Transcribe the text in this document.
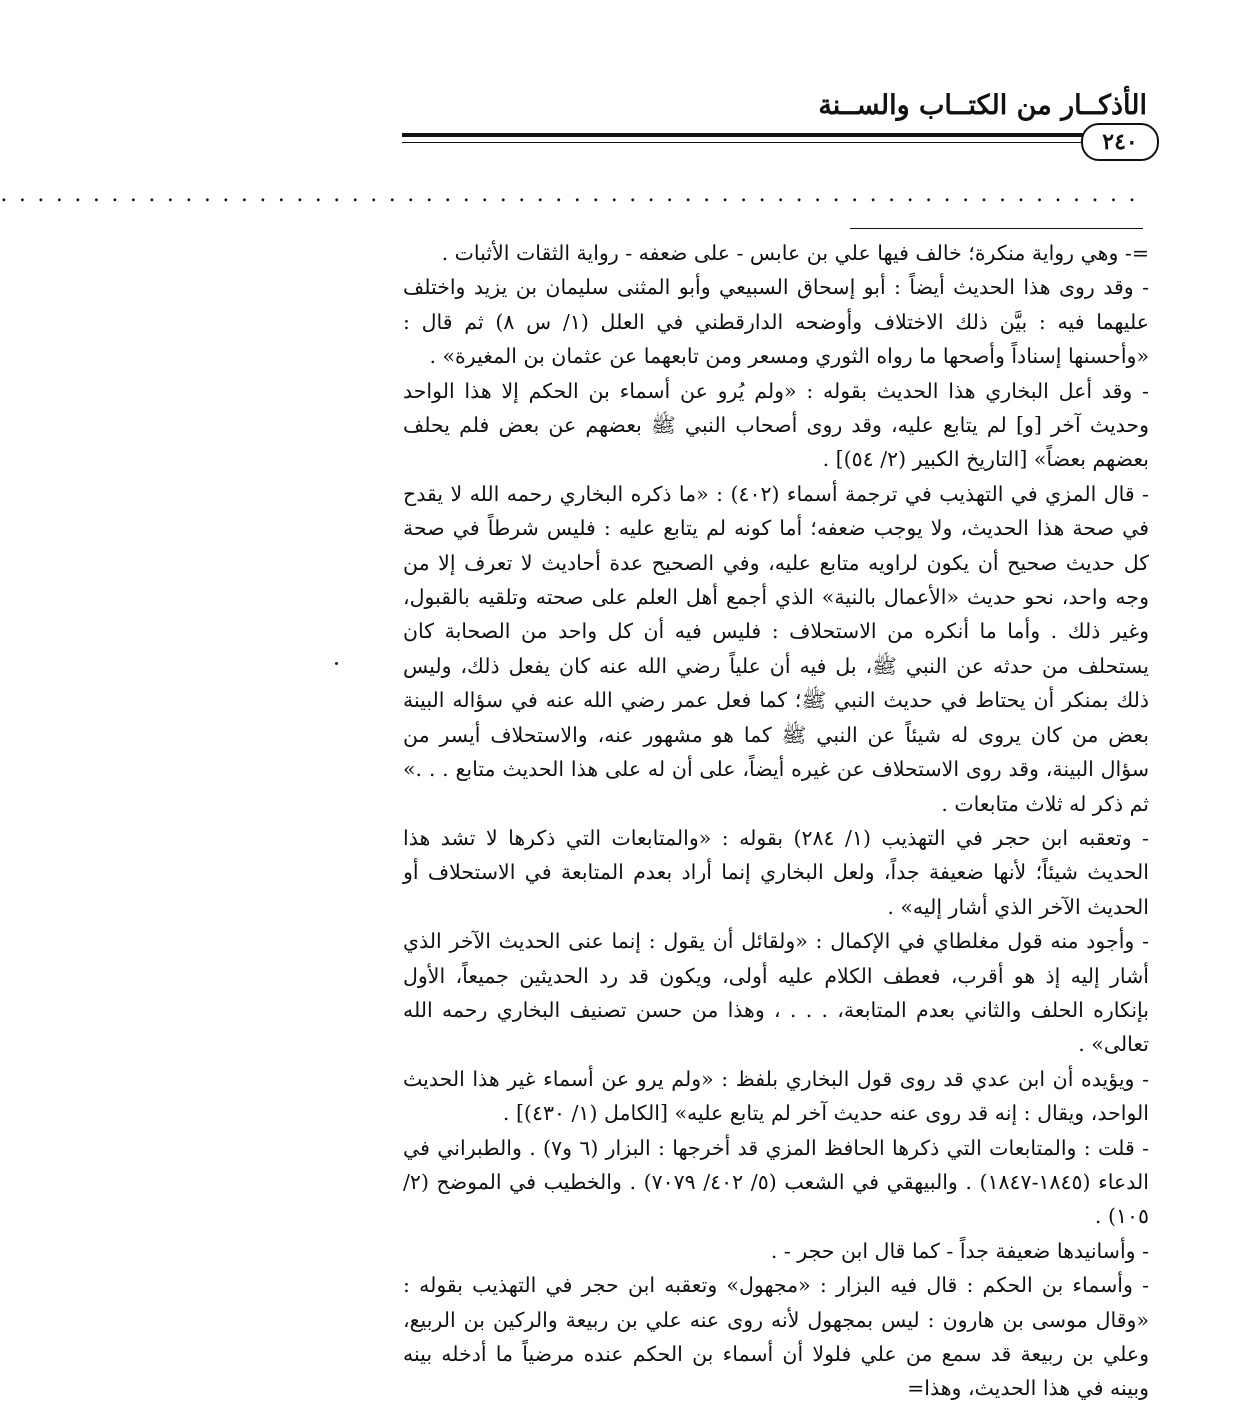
الأذكــار من الكتــاب والســنة
٢٤٠
..............................................................

=- وهي رواية منكرة؛ خالف فيها علي بن عابس - على ضعفه - رواية الثقات الأثبات .

- وقد روى هذا الحديث أيضاً : أبو إسحاق السبيعي وأبو المثنى سليمان بن يزيد واختلف عليهما فيه : بيَّن ذلك الاختلاف وأوضحه الدارقطني في العلل (١/ س ٨) ثم قال : «وأحسنها إسناداً وأصحها ما رواه الثوري ومسعر ومن تابعهما عن عثمان بن المغيرة» .

- وقد أعل البخاري هذا الحديث بقوله : «ولم يُرو عن أسماء بن الحكم إلا هذا الواحد وحديث آخر [و] لم يتابع عليه، وقد روى أصحاب النبي ﷺ بعضهم عن بعض فلم يحلف بعضهم بعضاً» [التاريخ الكبير (٢/ ٥٤)] .

- قال المزي في التهذيب في ترجمة أسماء (٤٠٢) : «ما ذكره البخاري رحمه الله لا يقدح في صحة هذا الحديث، ولا يوجب ضعفه؛ أما كونه لم يتابع عليه : فليس شرطاً في صحة كل حديث صحيح أن يكون لراويه متابع عليه، وفي الصحيح عدة أحاديث لا تعرف إلا من وجه واحد، نحو حديث «الأعمال بالنية» الذي أجمع أهل العلم على صحته وتلقيه بالقبول، وغير ذلك . وأما ما أنكره من الاستحلاف : فليس فيه أن كل واحد من الصحابة كان يستحلف من حدثه عن النبي ﷺ، بل فيه أن علياً رضي الله عنه كان يفعل ذلك، وليس ذلك بمنكر أن يحتاط في حديث النبي ﷺ؛ كما فعل عمر رضي الله عنه في سؤاله البينة بعض من كان يروى له شيئاً عن النبي ﷺ كما هو مشهور عنه، والاستحلاف أيسر من سؤال البينة، وقد روى الاستحلاف عن غيره أيضاً، على أن له على هذا الحديث متابع . . .» ثم ذكر له ثلاث متابعات .

- وتعقبه ابن حجر في التهذيب (١/ ٢٨٤) بقوله : «والمتابعات التي ذكرها لا تشد هذا الحديث شيئاً؛ لأنها ضعيفة جداً، ولعل البخاري إنما أراد بعدم المتابعة في الاستحلاف أو الحديث الآخر الذي أشار إليه» .

- وأجود منه قول مغلطاي في الإكمال : «ولقائل أن يقول : إنما عنى الحديث الآخر الذي أشار إليه إذ هو أقرب، فعطف الكلام عليه أولى، ويكون قد رد الحديثين جميعاً، الأول بإنكاره الحلف والثاني بعدم المتابعة، . . . ، وهذا من حسن تصنيف البخاري رحمه الله تعالى» .

- ويؤيده أن ابن عدي قد روى قول البخاري بلفظ : «ولم يرو عن أسماء غير هذا الحديث الواحد، ويقال : إنه قد روى عنه حديث آخر لم يتابع عليه» [الكامل (١/ ٤٣٠)] .

- قلت : والمتابعات التي ذكرها الحافظ المزي قد أخرجها : البزار (٦ و٧) . والطبراني في الدعاء (١٨٤٥-١٨٤٧) . والبيهقي في الشعب (٥/ ٤٠٢/ ٧٠٧٩) . والخطيب في الموضح (٢/ ١٠٥) .

- وأسانيدها ضعيفة جداً - كما قال ابن حجر - .

- وأسماء بن الحكم : قال فيه البزار : «مجهول» وتعقبه ابن حجر في التهذيب بقوله : «وقال موسى بن هارون : ليس بمجهول لأنه روى عنه علي بن ربيعة والركين بن الربيع، وعلي بن ربيعة قد سمع من علي فلولا أن أسماء بن الحكم عنده مرضياً ما أدخله بينه وبينه في هذا الحديث، وهذا=
